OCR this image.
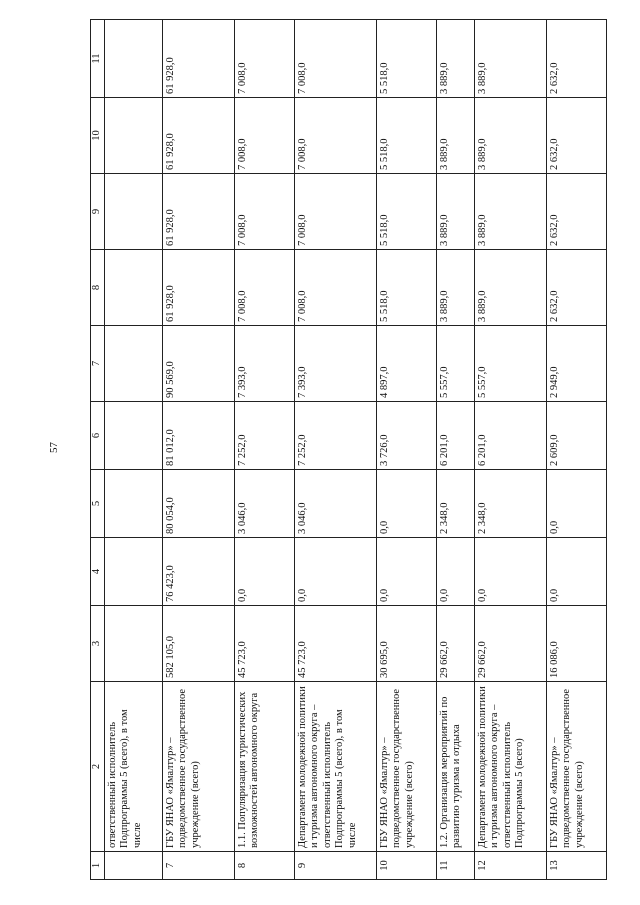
57
1	2	3	4	5	6	7	8	9	10	11
	ответственный исполнитель Подпрограммы 5 (всего), в том числе									
7	ГБУ ЯНАО «Ямалтур» – подведомственное государственное учреждение (всего)	582 105,0	76 423,0	80 054,0	81 012,0	90 569,0	61 928,0	61 928,0	61 928,0	61 928,0
8	1.1. Популяризация туристических возможностей автономного округа	45 723,0	0,0	3 046,0	7 252,0	7 393,0	7 008,0	7 008,0	7 008,0	7 008,0
9	Департамент молодежной политики и туризма автономного округа – ответственный исполнитель Подпрограммы 5 (всего), в том числе	45 723,0	0,0	3 046,0	7 252,0	7 393,0	7 008,0	7 008,0	7 008,0	7 008,0
10	ГБУ ЯНАО «Ямалтур» – подведомственное государственное учреждение (всего)	30 695,0	0,0	0,0	3 726,0	4 897,0	5 518,0	5 518,0	5 518,0	5 518,0
11	1.2. Организация мероприятий по развитию туризма и отдыха	29 662,0	0,0	2 348,0	6 201,0	5 557,0	3 889,0	3 889,0	3 889,0	3 889,0
12	Департамент молодежной политики и туризма автономного округа – ответственный исполнитель Подпрограммы 5 (всего)	29 662,0	0,0	2 348,0	6 201,0	5 557,0	3 889,0	3 889,0	3 889,0	3 889,0
13	ГБУ ЯНАО «Ямалтур» – подведомственное государственное учреждение (всего)	16 086,0	0,0	0,0	2 609,0	2 949,0	2 632,0	2 632,0	2 632,0	2 632,0
